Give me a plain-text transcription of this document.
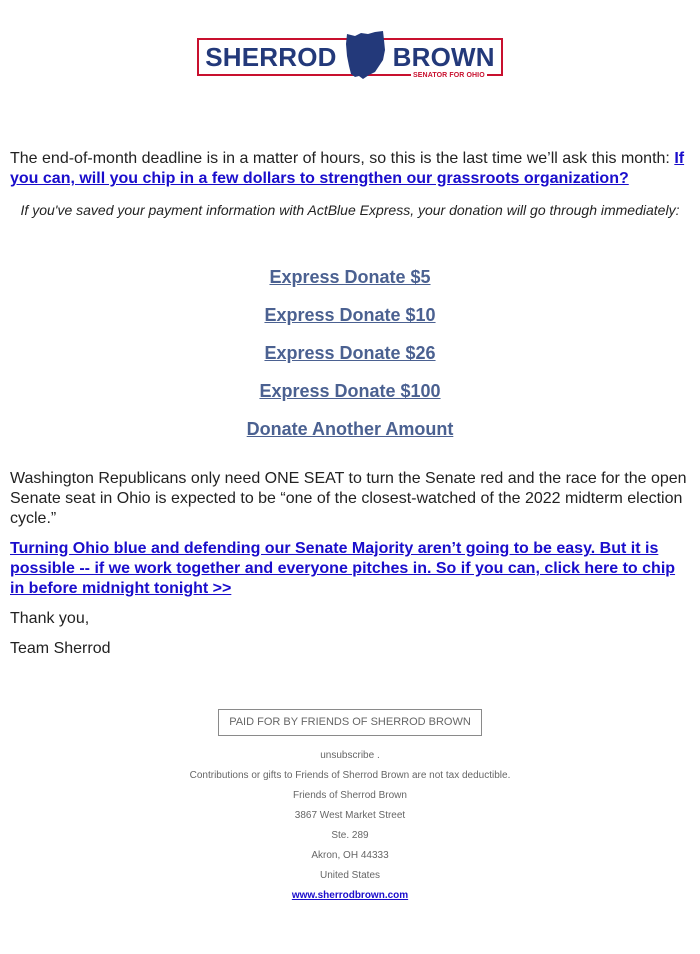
SHERROD BROWN
SENATOR FOR OHIO
The end-of-month deadline is in a matter of hours, so this is the last time we’ll ask this month: If you can, will you chip in a few dollars to strengthen our grassroots organization?
If you've saved your payment information with ActBlue Express, your donation will go through immediately:
Express Donate $5
Express Donate $10
Express Donate $26
Express Donate $100
Donate Another Amount
Washington Republicans only need ONE SEAT to turn the Senate red and the race for the open Senate seat in Ohio is expected to be “one of the closest-watched of the 2022 midterm election cycle.”
Turning Ohio blue and defending our Senate Majority aren’t going to be easy. But it is possible -- if we work together and everyone pitches in. So if you can, click here to chip in before midnight tonight >>
Thank you,
Team Sherrod
PAID FOR BY FRIENDS OF SHERROD BROWN
unsubscribe .
Contributions or gifts to Friends of Sherrod Brown are not tax deductible.
Friends of Sherrod Brown
3867 West Market Street
Ste. 289
Akron, OH 44333
United States
www.sherrodbrown.com
